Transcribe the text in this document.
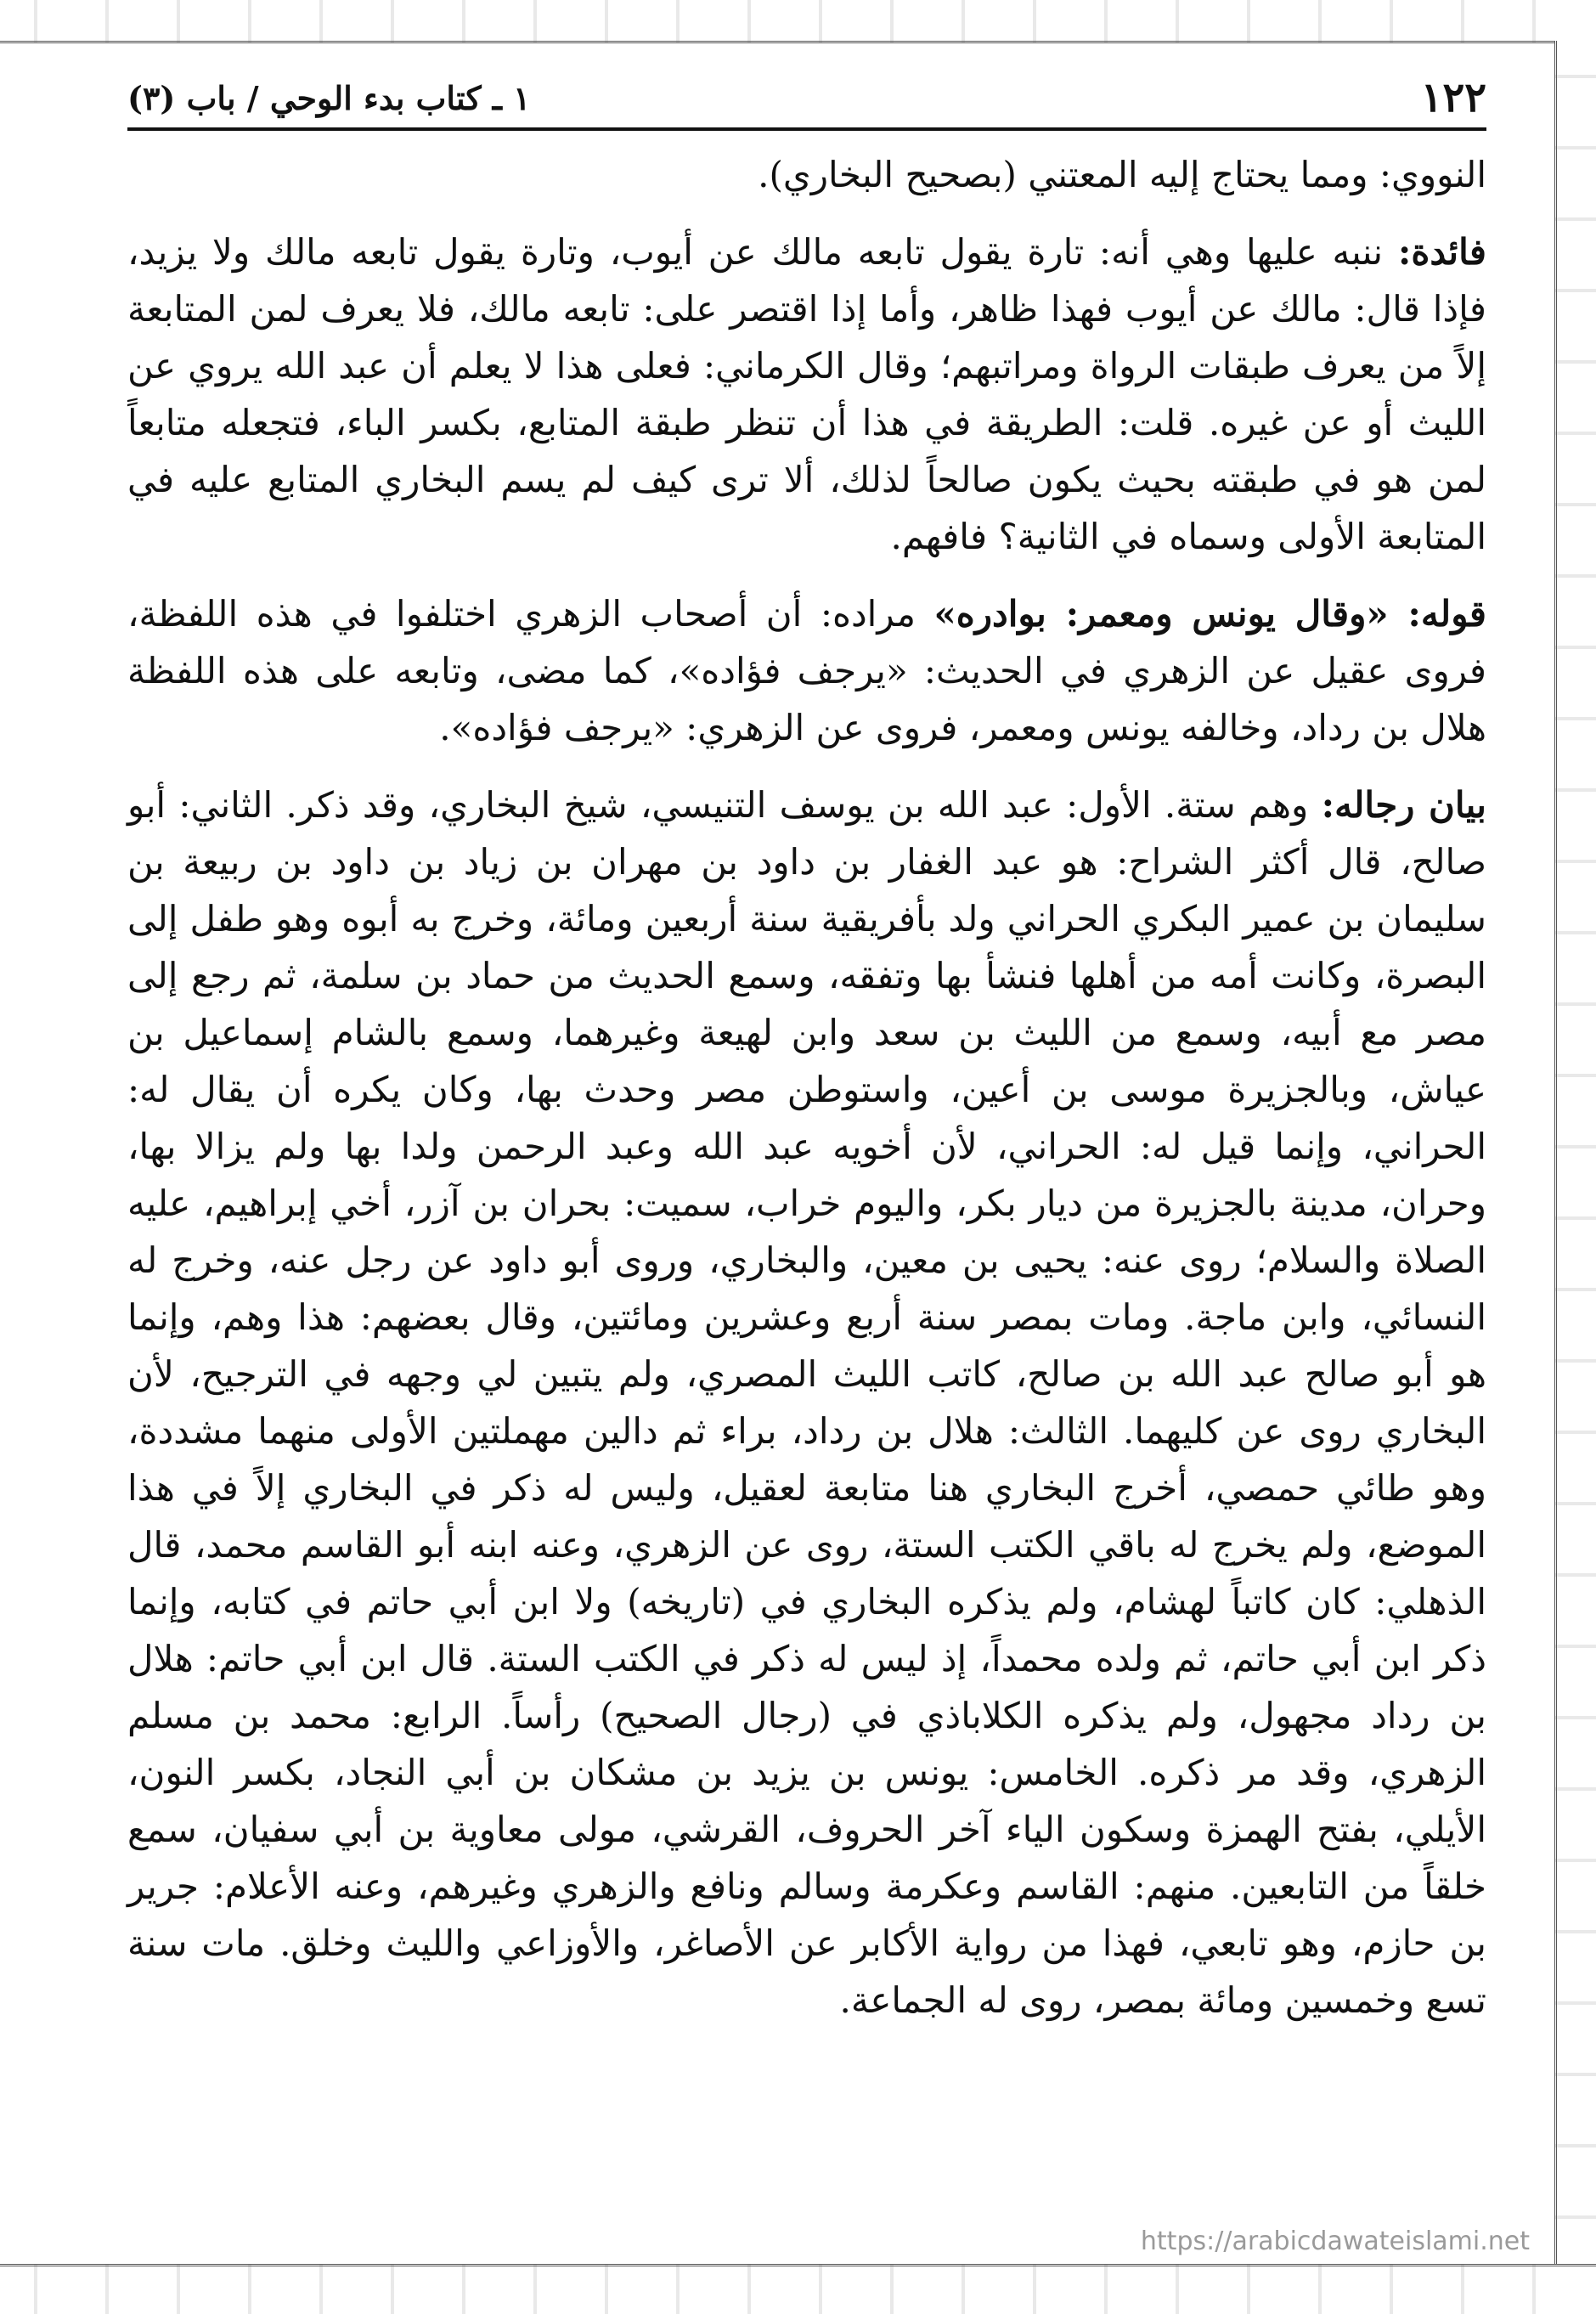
١٢٢
١ ـ كتاب بدء الوحي / باب (٣)

النووي: ومما يحتاج إليه المعتني (بصحيح البخاري).

فائدة: ننبه عليها وهي أنه: تارة يقول تابعه مالك عن أيوب، وتارة يقول تابعه مالك ولا يزيد، فإذا قال: مالك عن أيوب فهذا ظاهر، وأما إذا اقتصر على: تابعه مالك، فلا يعرف لمن المتابعة إلاً من يعرف طبقات الرواة ومراتبهم؛ وقال الكرماني: فعلى هذا لا يعلم أن عبد الله يروي عن الليث أو عن غيره. قلت: الطريقة في هذا أن تنظر طبقة المتابع، بكسر الباء، فتجعله متابعاً لمن هو في طبقته بحيث يكون صالحاً لذلك، ألا ترى كيف لم يسم البخاري المتابع عليه في المتابعة الأولى وسماه في الثانية؟ فافهم.

قوله: «وقال يونس ومعمر: بوادره» مراده: أن أصحاب الزهري اختلفوا في هذه اللفظة، فروى عقيل عن الزهري في الحديث: «يرجف فؤاده»، كما مضى، وتابعه على هذه اللفظة هلال بن رداد، وخالفه يونس ومعمر، فروى عن الزهري: «يرجف فؤاده».

بيان رجاله: وهم ستة. الأول: عبد الله بن يوسف التنيسي، شيخ البخاري، وقد ذكر. الثاني: أبو صالح، قال أكثر الشراح: هو عبد الغفار بن داود بن مهران بن زياد بن داود بن ربيعة بن سليمان بن عمير البكري الحراني ولد بأفريقية سنة أربعين ومائة، وخرج به أبوه وهو طفل إلى البصرة، وكانت أمه من أهلها فنشأ بها وتفقه، وسمع الحديث من حماد بن سلمة، ثم رجع إلى مصر مع أبيه، وسمع من الليث بن سعد وابن لهيعة وغيرهما، وسمع بالشام إسماعيل بن عياش، وبالجزيرة موسى بن أعين، واستوطن مصر وحدث بها، وكان يكره أن يقال له: الحراني، وإنما قيل له: الحراني، لأن أخويه عبد الله وعبد الرحمن ولدا بها ولم يزالا بها، وحران، مدينة بالجزيرة من ديار بكر، واليوم خراب، سميت: بحران بن آزر، أخي إبراهيم، عليه الصلاة والسلام؛ روى عنه: يحيى بن معين، والبخاري، وروى أبو داود عن رجل عنه، وخرج له النسائي، وابن ماجة. ومات بمصر سنة أربع وعشرين ومائتين، وقال بعضهم: هذا وهم، وإنما هو أبو صالح عبد الله بن صالح، كاتب الليث المصري، ولم يتبين لي وجهه في الترجيح، لأن البخاري روى عن كليهما. الثالث: هلال بن رداد، براء ثم دالين مهملتين الأولى منهما مشددة، وهو طائي حمصي، أخرج البخاري هنا متابعة لعقيل، وليس له ذكر في البخاري إلاً في هذا الموضع، ولم يخرج له باقي الكتب الستة، روى عن الزهري، وعنه ابنه أبو القاسم محمد، قال الذهلي: كان كاتباً لهشام، ولم يذكره البخاري في (تاريخه) ولا ابن أبي حاتم في كتابه، وإنما ذكر ابن أبي حاتم، ثم ولده محمداً، إذ ليس له ذكر في الكتب الستة. قال ابن أبي حاتم: هلال بن رداد مجهول، ولم يذكره الكلاباذي في (رجال الصحيح) رأساً. الرابع: محمد بن مسلم الزهري، وقد مر ذكره. الخامس: يونس بن يزيد بن مشكان بن أبي النجاد، بكسر النون، الأيلي، بفتح الهمزة وسكون الياء آخر الحروف، القرشي، مولى معاوية بن أبي سفيان، سمع خلقاً من التابعين. منهم: القاسم وعكرمة وسالم ونافع والزهري وغيرهم، وعنه الأعلام: جرير بن حازم، وهو تابعي، فهذا من رواية الأكابر عن الأصاغر، والأوزاعي والليث وخلق. مات سنة تسع وخمسين ومائة بمصر، روى له الجماعة.

https://arabicdawateislami.net
